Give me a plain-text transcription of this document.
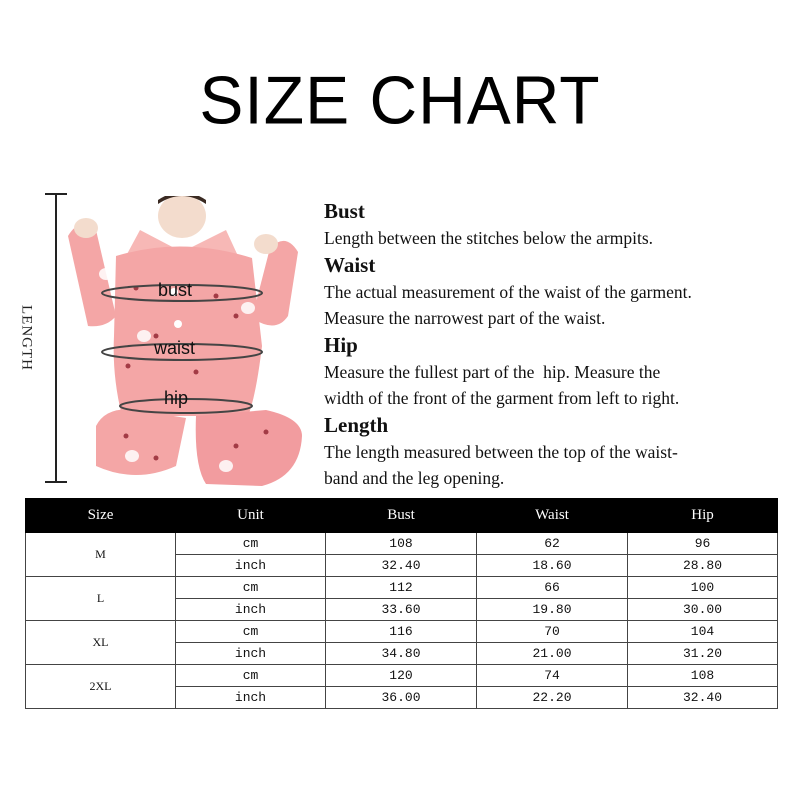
SIZE CHART
LENGTH
bust
waist
hip

Bust

Length between the stitches below the armpits.

Waist

The actual measurement of the waist of the garment.

Measure the narrowest part of the waist.

Hip

Measure the fullest part of the  hip. Measure the

width of the front of the garment from left to right.

Length

The length measured between the top of the waist-

band and the leg opening.

Size	Unit	Bust	Waist	Hip
M	cm	108	62	96
	inch	32.40	18.60	28.80
L	cm	112	66	100
	inch	33.60	19.80	30.00
XL	cm	116	70	104
	inch	34.80	21.00	31.20
2XL	cm	120	74	108
	inch	36.00	22.20	32.40
